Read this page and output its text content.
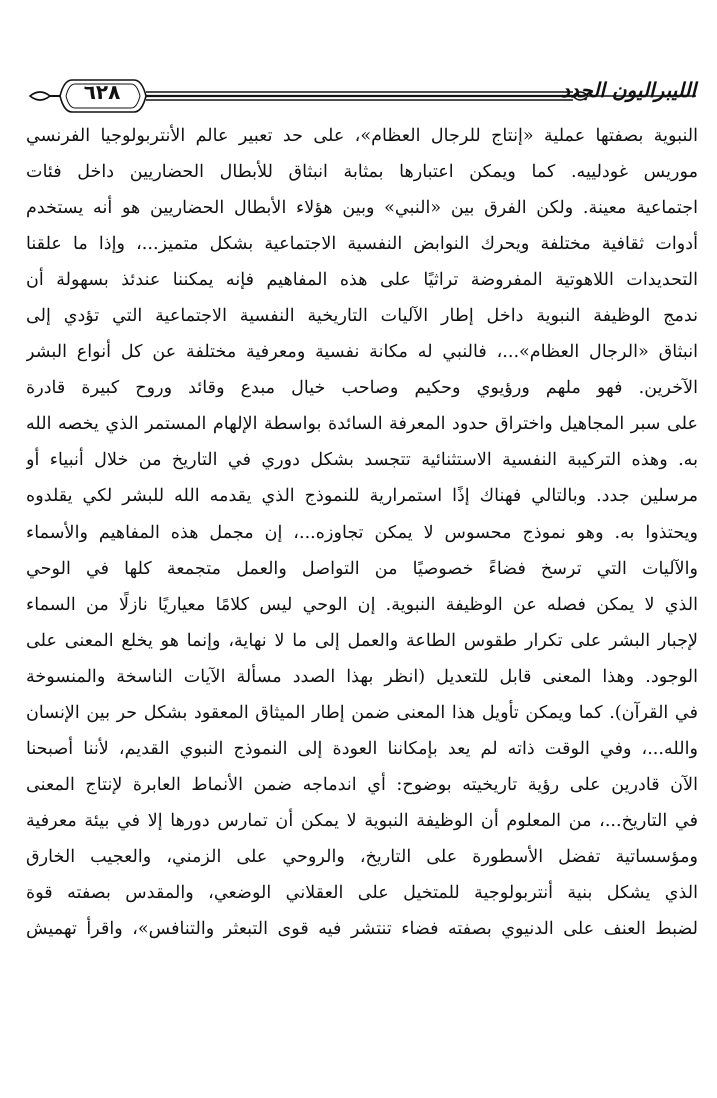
٦٢٨	الليبراليون الجدد
النبوية بصفتها عملية «إنتاج للرجال العظام»، على حد تعبير عالم الأنتربولوجيا الفرنسي
موريس غودلييه. كما ويمكن اعتبارها بمثابة انبثاق للأبطال الحضاريين داخل فئات
اجتماعية معينة. ولكن الفرق بين «النبي» وبين هؤلاء الأبطال الحضاريين هو أنه يستخدم
أدوات ثقافية مختلفة ويحرك النوابض النفسية الاجتماعية بشكل متميز...، وإذا ما علقنا
التحديدات اللاهوتية المفروضة تراثيًا على هذه المفاهيم فإنه يمكننا عندئذ بسهولة أن
ندمج الوظيفة النبوية داخل إطار الآليات التاريخية النفسية الاجتماعية التي تؤدي إلى
انبثاق «الرجال العظام»...، فالنبي له مكانة نفسية ومعرفية مختلفة عن كل أنواع البشر
الآخرين. فهو ملهم ورؤيوي وحكيم وصاحب خيال مبدع وقائد وروح كبيرة قادرة
على سبر المجاهيل واختراق حدود المعرفة السائدة بواسطة الإلهام المستمر الذي يخصه الله
به. وهذه التركيبة النفسية الاستثنائية تتجسد بشكل دوري في التاريخ من خلال أنبياء أو
مرسلين جدد. وبالتالي فهناك إذًا استمرارية للنموذج الذي يقدمه الله للبشر لكي يقلدوه
ويحتذوا به. وهو نموذج محسوس لا يمكن تجاوزه...، إن مجمل هذه المفاهيم والأسماء
والآليات التي ترسخ فضاءً خصوصيًا من التواصل والعمل متجمعة كلها في الوحي
الذي لا يمكن فصله عن الوظيفة النبوية. إن الوحي ليس كلامًا معياريًا نازلًا من السماء
لإجبار البشر على تكرار طقوس الطاعة والعمل إلى ما لا نهاية، وإنما هو يخلع المعنى على
الوجود. وهذا المعنى قابل للتعديل (انظر بهذا الصدد مسألة الآيات الناسخة والمنسوخة
في القرآن). كما ويمكن تأويل هذا المعنى ضمن إطار الميثاق المعقود بشكل حر بين الإنسان
والله...، وفي الوقت ذاته لم يعد بإمكاننا العودة إلى النموذج النبوي القديم، لأننا أصبحنا
الآن قادرين على رؤية تاريخيته بوضوح: أي اندماجه ضمن الأنماط العابرة لإنتاج المعنى
في التاريخ...، من المعلوم أن الوظيفة النبوية لا يمكن أن تمارس دورها إلا في بيئة معرفية
ومؤسساتية تفضل الأسطورة على التاريخ، والروحي على الزمني، والعجيب الخارق
الذي يشكل بنية أنتربولوجية للمتخيل على العقلاني الوضعي، والمقدس بصفته قوة
لضبط العنف على الدنيوي بصفته فضاء تنتشر فيه قوى التبعثر والتنافس»، واقرأ تهميش
